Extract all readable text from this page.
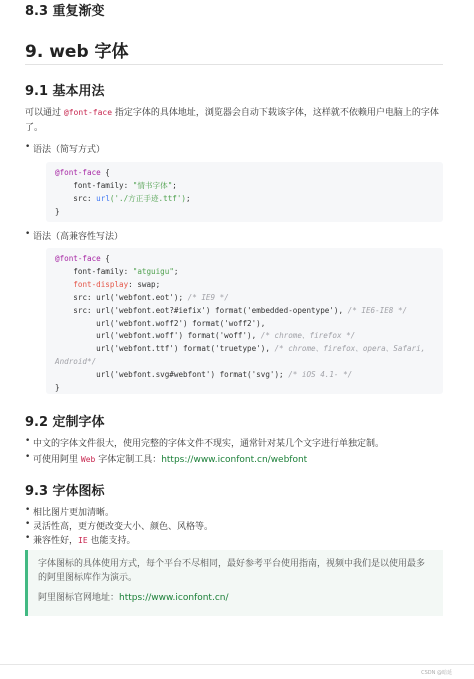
8.3 重复渐变
9. web 字体
9.1 基本用法
可以通过 @font-face 指定字体的具体地址，浏览器会自动下载该字体，这样就不依赖用户电脑上的字体了。
• 语法（简写方式）
@font-face {
font-family: "情书字体";
src: url('./方正手迹.ttf');
}
• 语法（高兼容性写法）
@font-face {
font-family: "atguigu";
font-display: swap;
src: url('webfont.eot'); /* IE9 */
src: url('webfont.eot?#iefix') format('embedded-opentype'), /* IE6-IE8 */
url('webfont.woff2') format('woff2'),
url('webfont.woff') format('woff'), /* chrome、firefox */
url('webfont.ttf') format('truetype'), /* chrome、firefox、opera、Safari,
Android*/
url('webfont.svg#webfont') format('svg'); /* iOS 4.1- */
}
9.2 定制字体
• 中文的字体文件很大，使用完整的字体文件不现实，通常针对某几个文字进行单独定制。
• 可使用阿里 Web 字体定制工具：https://www.iconfont.cn/webfont
9.3 字体图标
• 相比图片更加清晰。
• 灵活性高，更方便改变大小、颜色、风格等。
• 兼容性好，IE 也能支持。
字体图标的具体使用方式，每个平台不尽相同，最好参考平台使用指南，视频中我们是以使用最多的阿里图标库作为演示。
阿里图标官网地址：https://www.iconfont.cn/
CSDN @暗延
